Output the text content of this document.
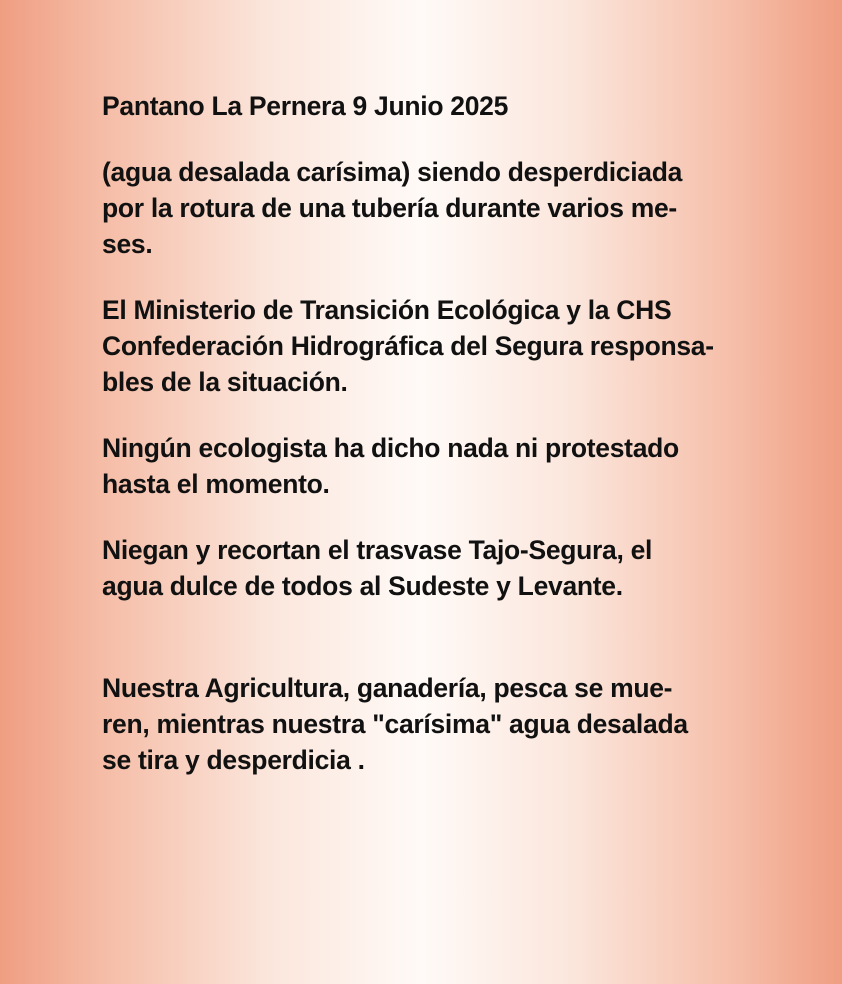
Pantano La Pernera 9 Junio 2025

(agua desalada carísima) siendo desperdiciada
por la rotura de una tubería durante varios me-
ses.

El Ministerio de Transición Ecológica y la CHS
Confederación Hidrográfica del Segura responsa-
bles de la situación.

Ningún ecologista ha dicho nada ni protestado
hasta el momento.

Niegan y recortan el trasvase Tajo-Segura, el
agua dulce de todos al Sudeste y Levante.

Nuestra Agricultura, ganadería, pesca se mue-
ren, mientras nuestra "carísima" agua desalada
se tira y desperdicia .
